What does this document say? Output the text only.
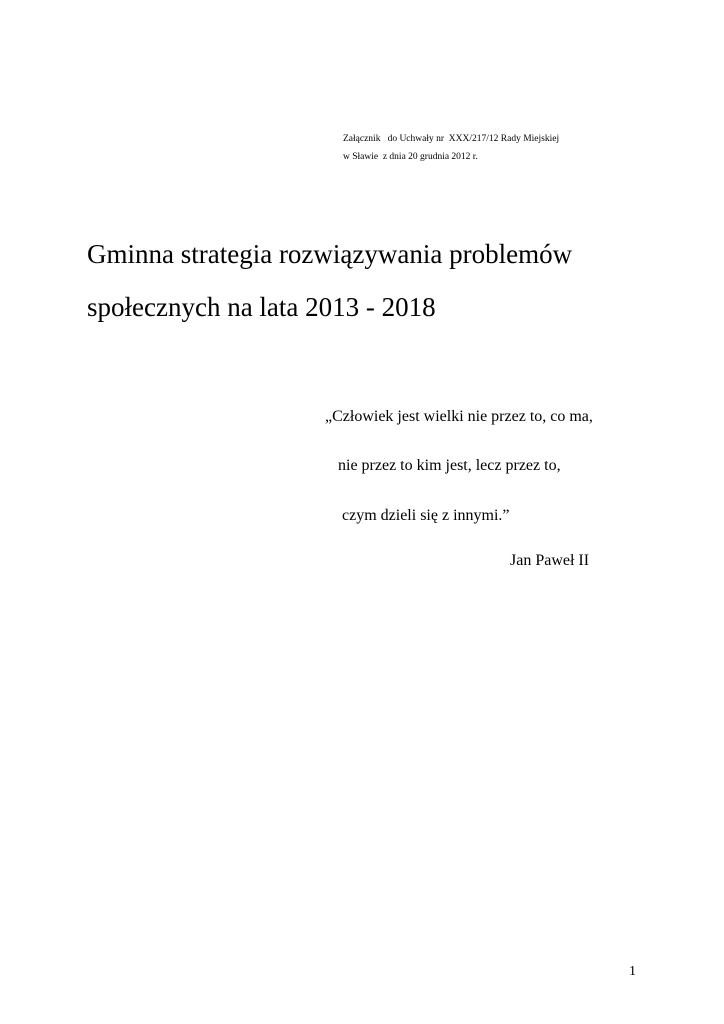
Załącznik   do Uchwały nr  XXX/217/12 Rady Miejskiej
w Sławie  z dnia 20 grudnia 2012 r.
Gminna strategia rozwiązywania problemów
społecznych na lata 2013 - 2018
„Człowiek jest wielki nie przez to, co ma,
nie przez to kim jest, lecz przez to,
czym dzieli się z innymi.”
Jan Paweł II
1
